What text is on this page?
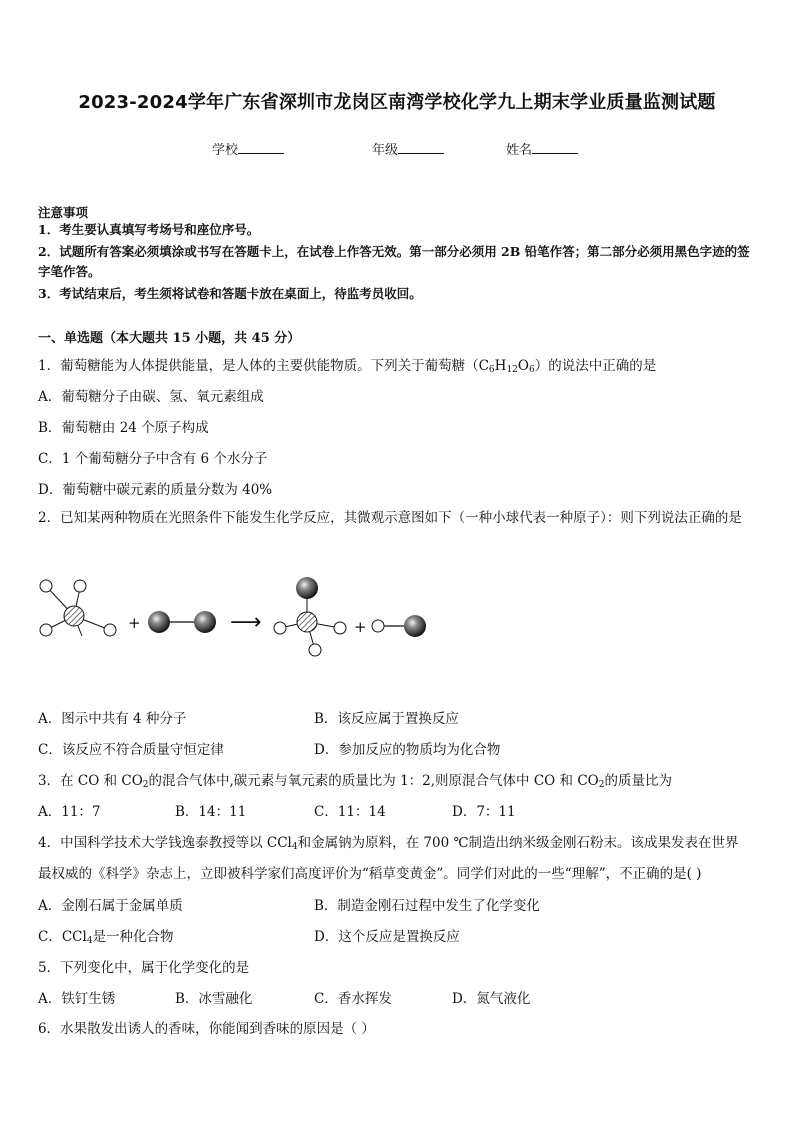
2023-2024学年广东省深圳市龙岗区南湾学校化学九上期末学业质量监测试题
学校	年级	姓名
注意事项
1．考生要认真填写考场号和座位序号。
2．试题所有答案必须填涂或书写在答题卡上，在试卷上作答无效。第一部分必须用 2B 铅笔作答；第二部分必须用黑色字迹的签字笔作答。
3．考试结束后，考生须将试卷和答题卡放在桌面上，待监考员收回。
一、单选题（本大题共 15 小题，共 45 分）
1．葡萄糖能为人体提供能量，是人体的主要供能物质。下列关于葡萄糖$(C_6H_{12}O_6)$的说法中正确的是
A．葡萄糖分子由碳、氢、氧元素组成
B．葡萄糖由 24 个原子构成
C．1 个葡萄糖分子中含有 6 个水分子
D．葡萄糖中碳元素的质量分数为 40%
2．已知某两种物质在光照条件下能发生化学反应，其微观示意图如下（一种小球代表一种原子）：则下列说法正确的是
+	⟶	+
A．图示中共有 4 种分子	B．该反应属于置换反应
C．该反应不符合质量守恒定律	D．参加反应的物质均为化合物
3．在 CO 和 $CO_2$的混合气体中,碳元素与氧元素的质量比为 1：2,则原混合气体中 CO 和 $CO_2$的质量比为
A．11：7	B．14：11	C．11：14	D．7：11
4．中国科学技术大学钱逸泰教授等以 CCl$_4$和金属钠为原料，在 700 ℃制造出纳米级金刚石粉末。该成果发表在世界
最权威的《科学》杂志上，立即被科学家们高度评价为“稻草变黄金”。同学们对此的一些“理解”，不正确的是( )
A．金刚石属于金属单质	B．制造金刚石过程中发生了化学变化
C．CCl$_4$是一种化合物	D．这个反应是置换反应
5．下列变化中，属于化学变化的是
A．铁钉生锈	B．冰雪融化	C．香水挥发	D．氮气液化
6．水果散发出诱人的香味，你能闻到香味的原因是（ ）
